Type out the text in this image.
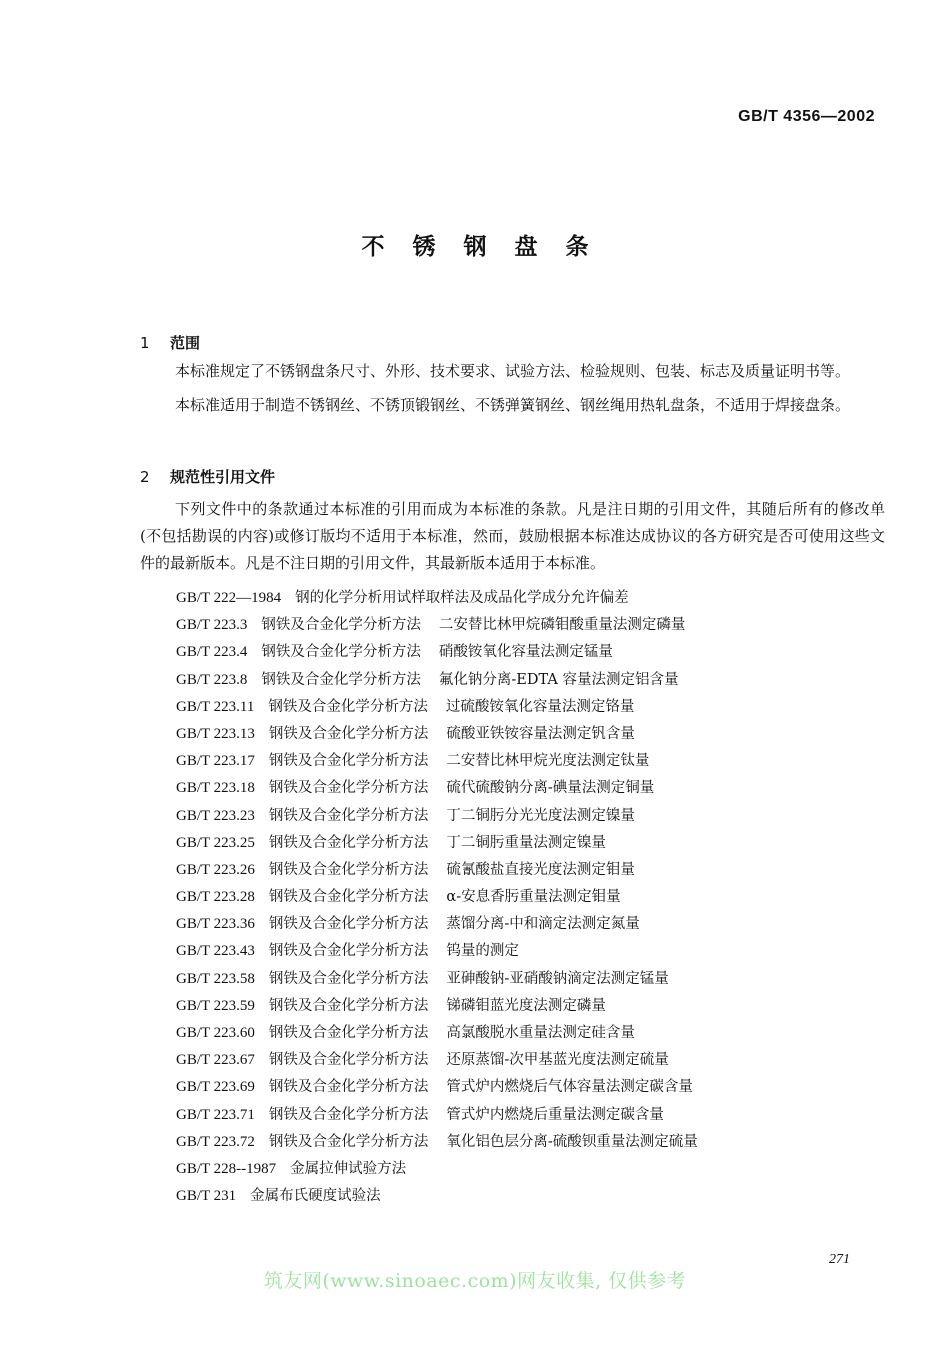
GB/T 4356—2002
不 锈 钢 盘 条
1 范围
本标准规定了不锈钢盘条尺寸、外形、技术要求、试验方法、检验规则、包装、标志及质量证明书等。
本标准适用于制造不锈钢丝、不锈顶锻钢丝、不锈弹簧钢丝、钢丝绳用热轧盘条，不适用于焊接盘条。
2 规范性引用文件
下列文件中的条款通过本标准的引用而成为本标准的条款。凡是注日期的引用文件，其随后所有的修改单(不包括勘误的内容)或修订版均不适用于本标准，然而，鼓励根据本标准达成协议的各方研究是否可使用这些文件的最新版本。凡是不注日期的引用文件，其最新版本适用于本标准。
GB/T 222—1984 钢的化学分析用试样取样法及成品化学成分允许偏差
GB/T 223.3 钢铁及合金化学分析方法 二安替比林甲烷磷钼酸重量法测定磷量
GB/T 223.4 钢铁及合金化学分析方法 硝酸铵氧化容量法测定锰量
GB/T 223.8 钢铁及合金化学分析方法 氟化钠分离-EDTA 容量法测定铝含量
GB/T 223.11 钢铁及合金化学分析方法 过硫酸铵氧化容量法测定铬量
GB/T 223.13 钢铁及合金化学分析方法 硫酸亚铁铵容量法测定钒含量
GB/T 223.17 钢铁及合金化学分析方法 二安替比林甲烷光度法测定钛量
GB/T 223.18 钢铁及合金化学分析方法 硫代硫酸钠分离-碘量法测定铜量
GB/T 223.23 钢铁及合金化学分析方法 丁二铜肟分光光度法测定镍量
GB/T 223.25 钢铁及合金化学分析方法 丁二铜肟重量法测定镍量
GB/T 223.26 钢铁及合金化学分析方法 硫氰酸盐直接光度法测定钼量
GB/T 223.28 钢铁及合金化学分析方法 α-安息香肟重量法测定钼量
GB/T 223.36 钢铁及合金化学分析方法 蒸馏分离-中和滴定法测定氮量
GB/T 223.43 钢铁及合金化学分析方法 钨量的测定
GB/T 223.58 钢铁及合金化学分析方法 亚砷酸钠-亚硝酸钠滴定法测定锰量
GB/T 223.59 钢铁及合金化学分析方法 锑磷钼蓝光度法测定磷量
GB/T 223.60 钢铁及合金化学分析方法 高氯酸脱水重量法测定硅含量
GB/T 223.67 钢铁及合金化学分析方法 还原蒸馏-次甲基蓝光度法测定硫量
GB/T 223.69 钢铁及合金化学分析方法 管式炉内燃烧后气体容量法测定碳含量
GB/T 223.71 钢铁及合金化学分析方法 管式炉内燃烧后重量法测定碳含量
GB/T 223.72 钢铁及合金化学分析方法 氧化铝色层分离-硫酸钡重量法测定硫量
GB/T 228--1987 金属拉伸试验方法
GB/T 231 金属布氏硬度试验法
271
筑友网(www.sinoaec.com)网友收集, 仅供参考
